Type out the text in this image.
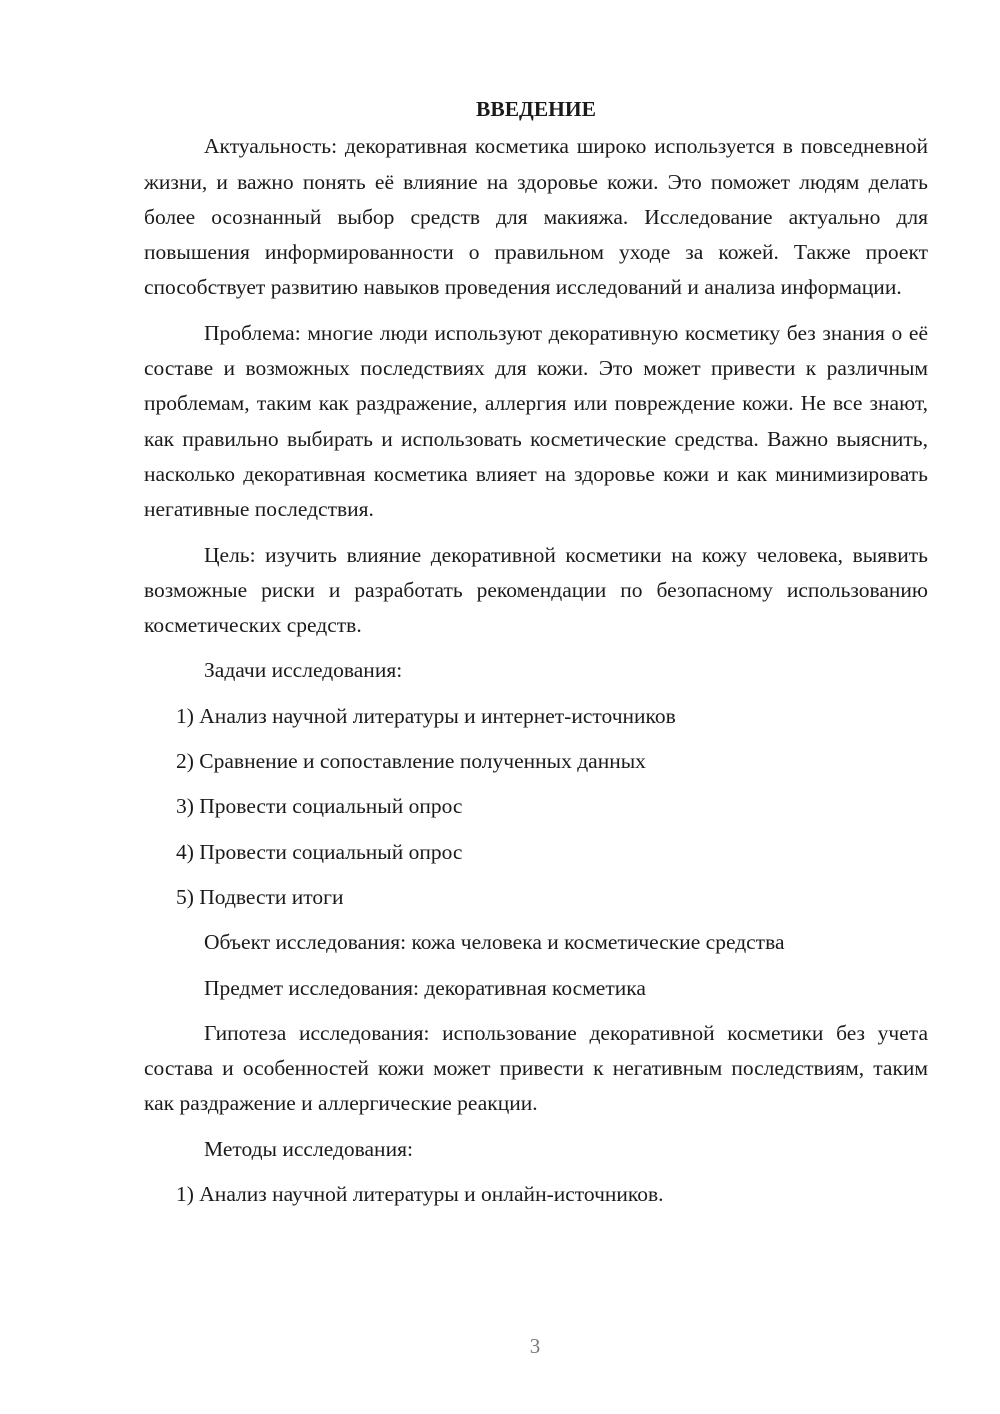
ВВЕДЕНИЕ

Актуальность: декоративная косметика широко используется в повседневной жизни, и важно понять её влияние на здоровье кожи. Это поможет людям делать более осознанный выбор средств для макияжа. Исследование актуально для повышения информированности о правильном уходе за кожей. Также проект способствует развитию навыков проведения исследований и анализа информации.

Проблема: многие люди используют декоративную косметику без знания о её составе и возможных последствиях для кожи. Это может привести к различным проблемам, таким как раздражение, аллергия или повреждение кожи. Не все знают, как правильно выбирать и использовать косметические средства. Важно выяснить, насколько декоративная косметика влияет на здоровье кожи и как минимизировать негативные последствия.

Цель: изучить влияние декоративной косметики на кожу человека, выявить возможные риски и разработать рекомендации по безопасному использованию косметических средств.

Задачи исследования:

1) Анализ научной литературы и интернет-источников

2) Сравнение и сопоставление полученных данных

3) Провести социальный опрос

4) Провести социальный опрос

5) Подвести итоги

Объект исследования: кожа человека и косметические средства

Предмет исследования: декоративная косметика

Гипотеза исследования: использование декоративной косметики без учета состава и особенностей кожи может привести к негативным последствиям, таким как раздражение и аллергические реакции.

Методы исследования:

1) Анализ научной литературы и онлайн-источников.

3
